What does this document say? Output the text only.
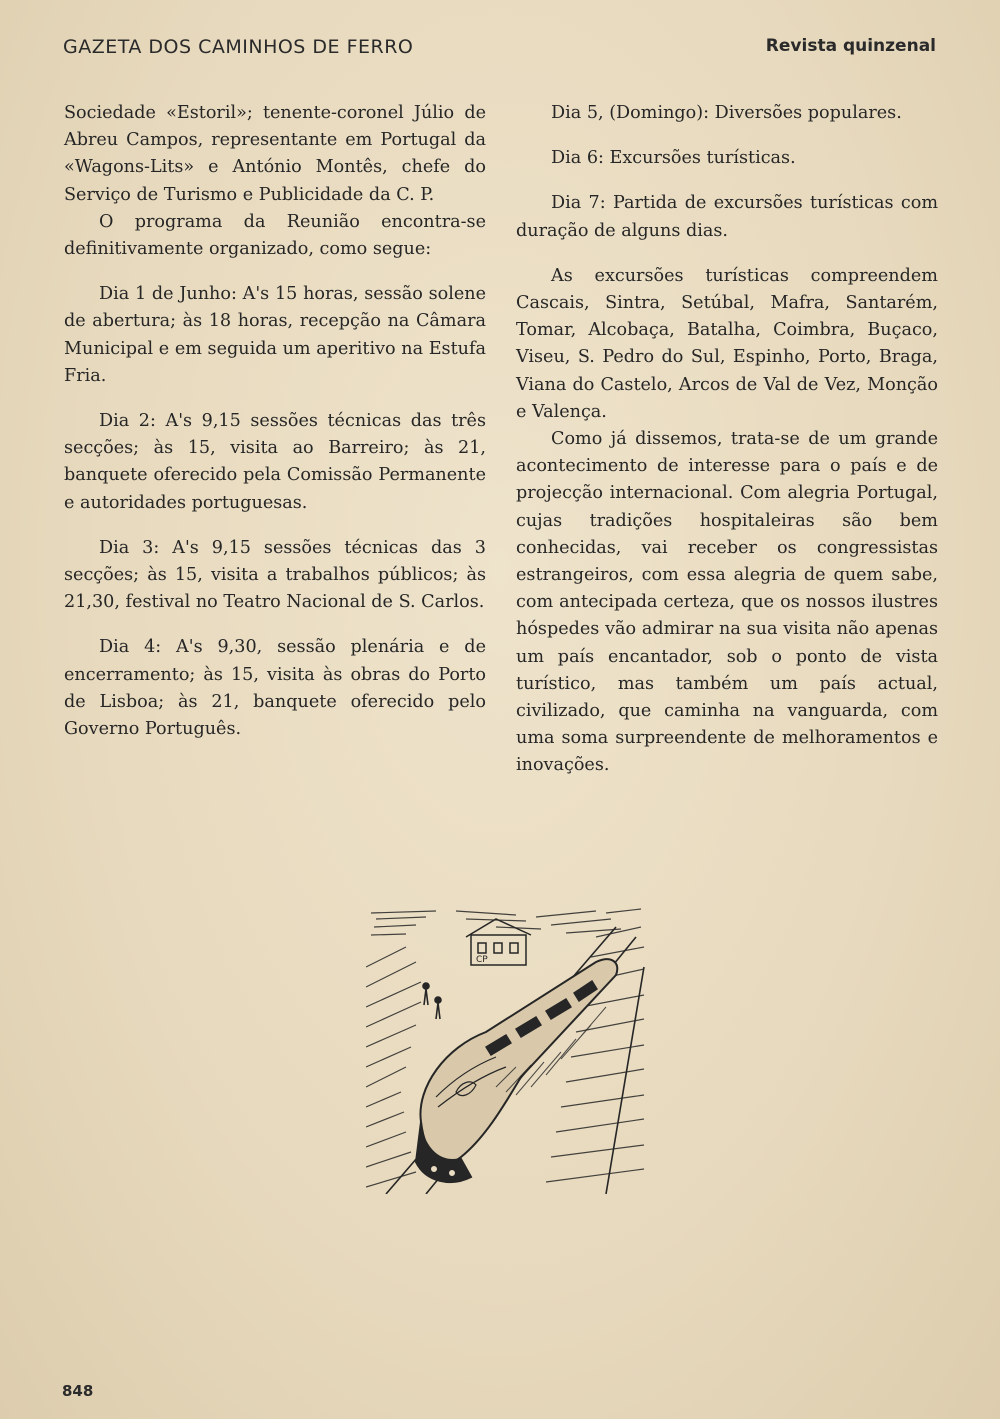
GAZETA DOS CAMINHOS DE FERRO	Revista quinzenal

Sociedade «Estoril»; tenente-coronel Júlio de Abreu Campos, representante em Portugal da «Wagons-Lits» e António Montês, chefe do Serviço de Turismo e Publicidade da C. P.

O programa da Reunião encontra-se definitivamente organizado, como segue:

Dia 1 de Junho: A's 15 horas, sessão solene de abertura; às 18 horas, recepção na Câmara Municipal e em seguida um aperitivo na Estufa Fria.

Dia 2: A's 9,15 sessões técnicas das três secções; às 15, visita ao Barreiro; às 21, banquete oferecido pela Comissão Permanente e autoridades portuguesas.

Dia 3: A's 9,15 sessões técnicas das 3 secções; às 15, visita a trabalhos públicos; às 21,30, festival no Teatro Nacional de S. Carlos.

Dia 4: A's 9,30, sessão plenária e de encerramento; às 15, visita às obras do Porto de Lisboa; às 21, banquete oferecido pelo Governo Português.

Dia 5, (Domingo): Diversões populares.

Dia 6: Excursões turísticas.

Dia 7: Partida de excursões turísticas com duração de alguns dias.

As excursões turísticas compreendem Cascais, Sintra, Setúbal, Mafra, Santarém, Tomar, Alcobaça, Batalha, Coimbra, Buçaco, Viseu, S. Pedro do Sul, Espinho, Porto, Braga, Viana do Castelo, Arcos de Val de Vez, Monção e Valença.

Como já dissemos, trata-se de um grande acontecimento de interesse para o país e de projecção internacional. Com alegria Portugal, cujas tradições hospitaleiras são bem conhecidas, vai receber os congressistas estrangeiros, com essa alegria de quem sabe, com antecipada certeza, que os nossos ilustres hóspedes vão admirar na sua visita não apenas um país encantador, sob o ponto de vista turístico, mas também um país actual, civilizado, que caminha na vanguarda, com uma soma surpreendente de melhoramentos e inovações.

CP
848
